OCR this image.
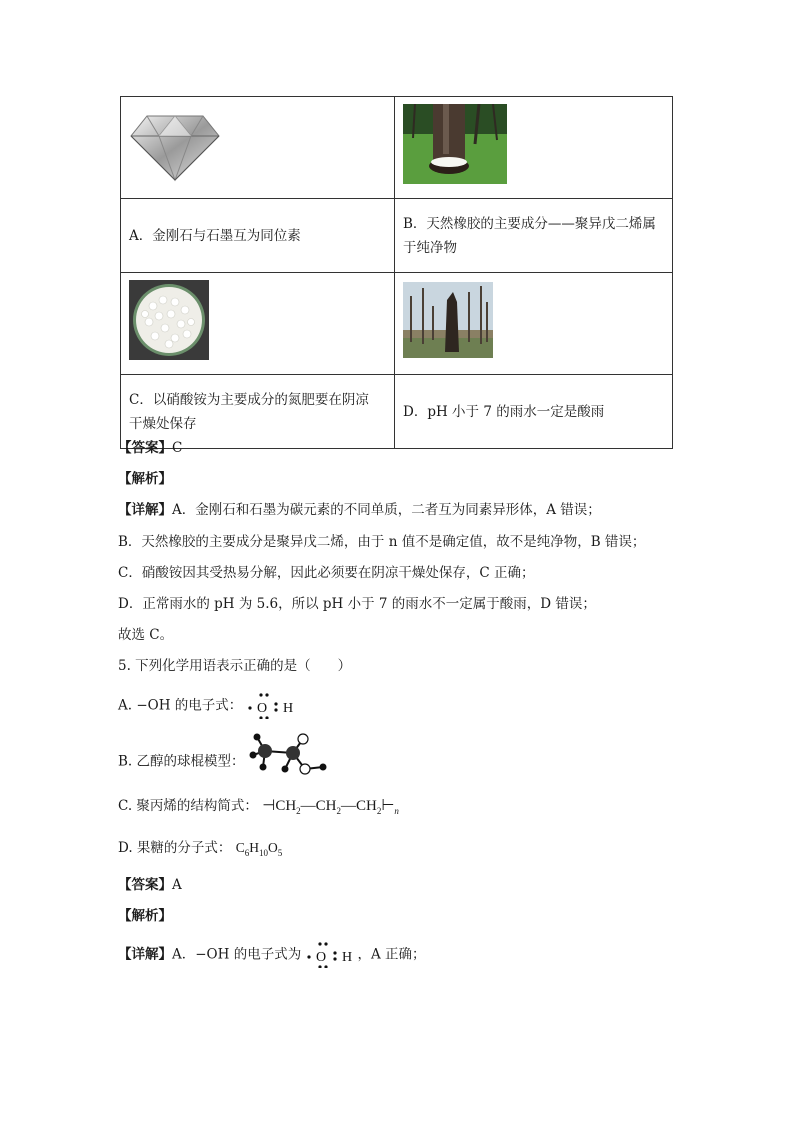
A．金刚石与石墨互为同位素	B．天然橡胶的主要成分——聚异戊二烯属
于纯净物

C．以硝酸铵为主要成分的氮肥要在阴凉
干燥处保存	D．pH 小于 7 的雨水一定是酸雨
【答案】C
【解析】
【详解】A．金刚石和石墨为碳元素的不同单质，二者互为同素异形体，A 错误；
B．天然橡胶的主要成分是聚异戊二烯，由于 n 值不是确定值，故不是纯净物，B 错误；
C．硝酸铵因其受热易分解，因此必须要在阴凉干燥处保存，C 正确；
D．正常雨水的 pH 为 5.6，所以 pH 小于 7 的雨水不一定属于酸雨，D 错误；
故选 C。
5. 下列化学用语表示正确的是（　　）
A. −OH 的电子式： O H
B. 乙醇的球棍模型：
C. 聚丙烯的结构简式： $⊣CH_2—CH_2—CH_2⊢_n$
D. 果糖的分子式： $C_6H_{10}O_5$
【答案】A
【解析】
【详解】A．−OH 的电子式为 O H ，A 正确；
